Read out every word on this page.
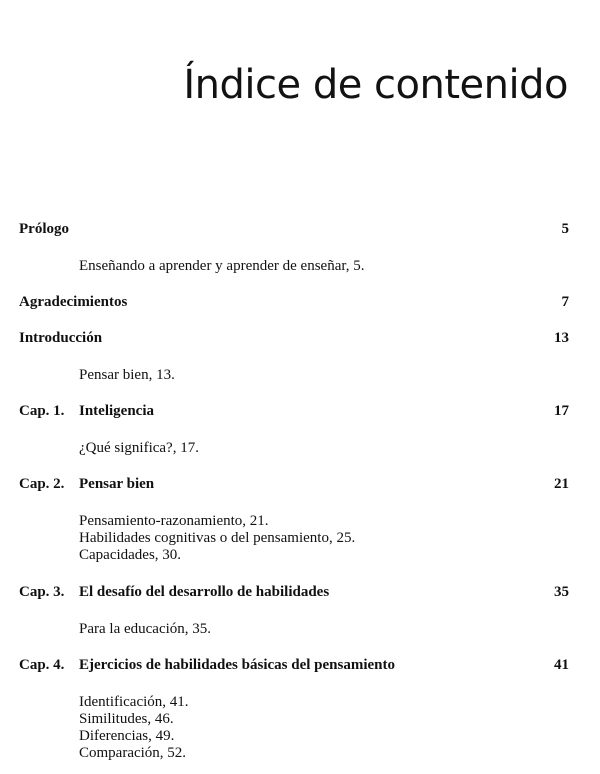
Índice de contenido
Prólogo	5
Enseñando a aprender y aprender de enseñar, 5.
Agradecimientos	7
Introducción	13
Pensar bien, 13.
Cap. 1. Inteligencia	17
¿Qué significa?, 17.
Cap. 2. Pensar bien	21
Pensamiento-razonamiento, 21.
Habilidades cognitivas o del pensamiento, 25.
Capacidades, 30.
Cap. 3. El desafío del desarrollo de habilidades	35
Para la educación, 35.
Cap. 4. Ejercicios de habilidades básicas del pensamiento	41
Identificación, 41.
Similitudes, 46.
Diferencias, 49.
Comparación, 52.
